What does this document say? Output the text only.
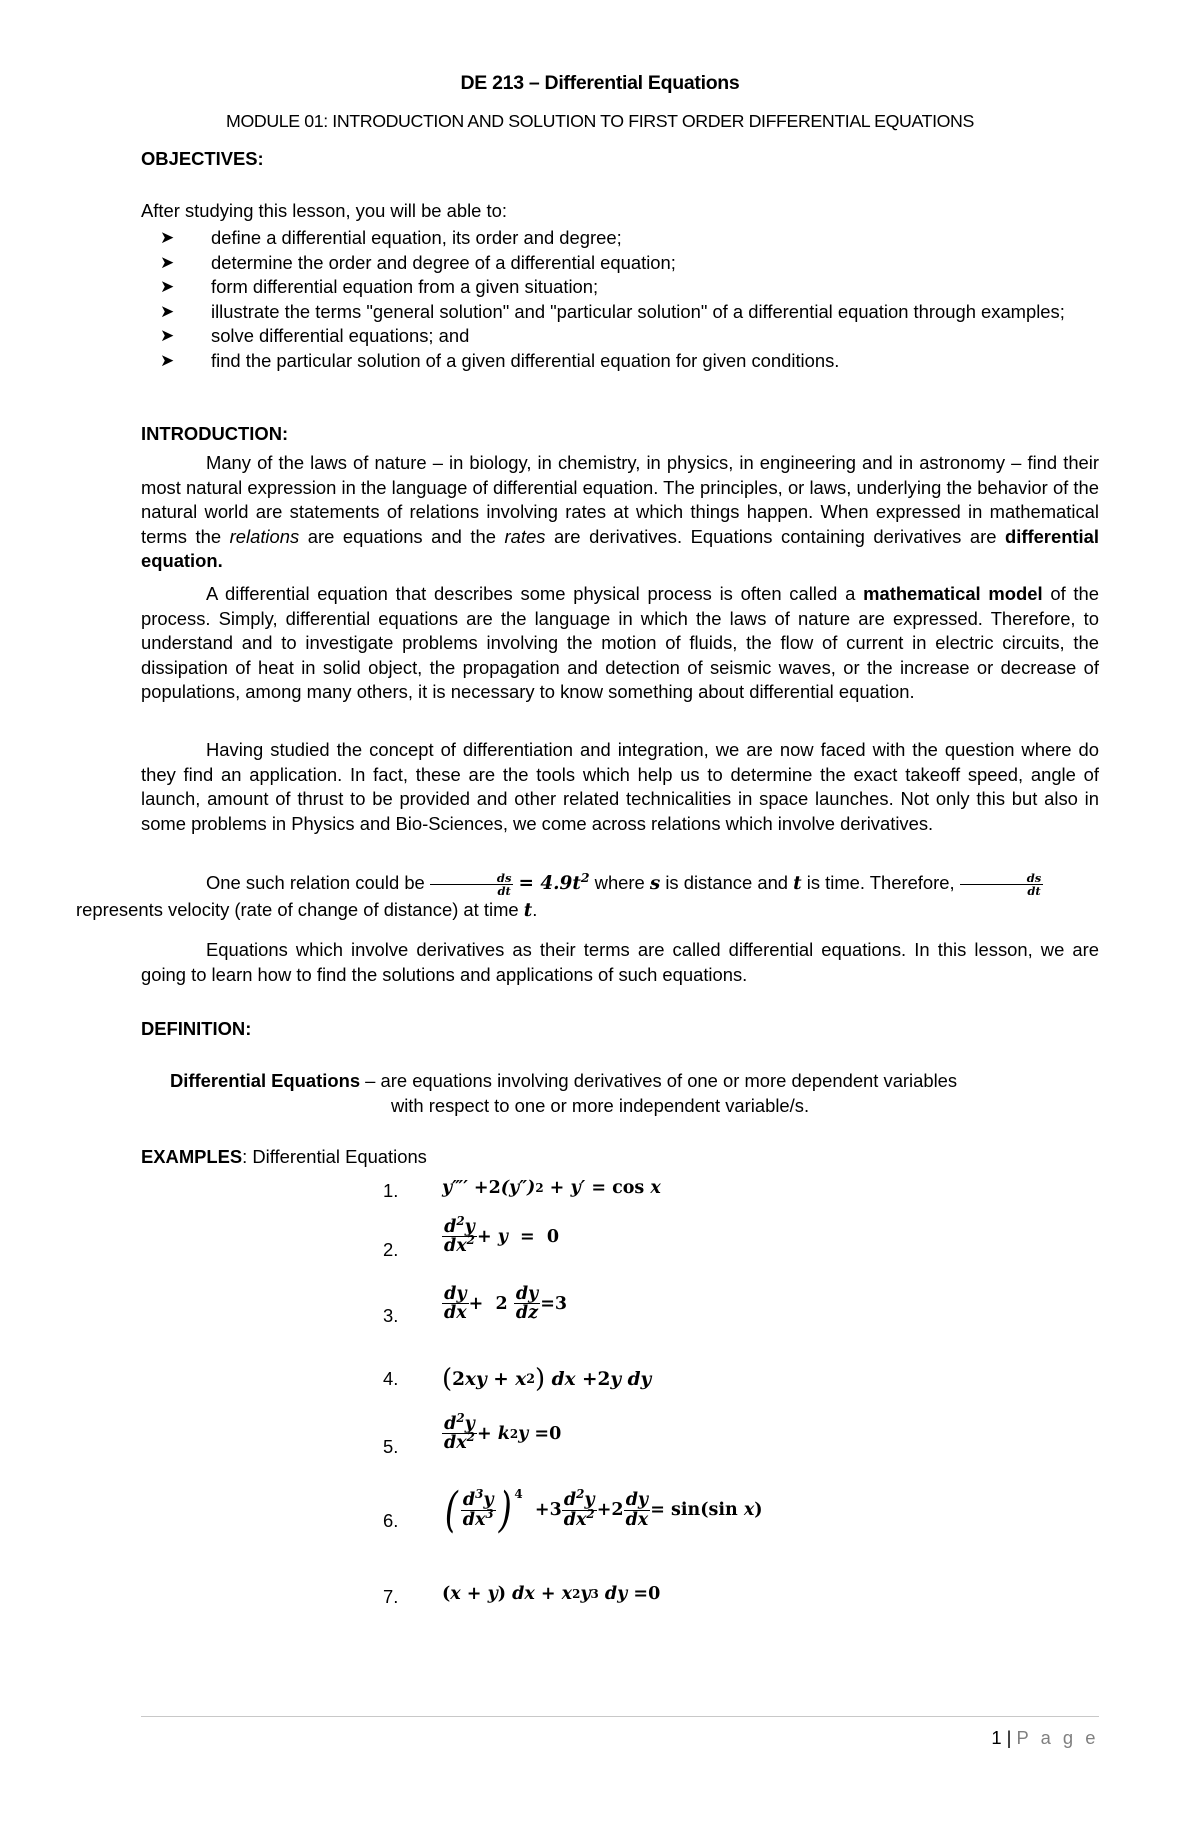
DE 213 – Differential Equations

MODULE 01: INTRODUCTION AND SOLUTION TO FIRST ORDER DIFFERENTIAL EQUATIONS

OBJECTIVES:

After studying this lesson, you will be able to:

➤ define a differential equation, its order and degree;
➤ determine the order and degree of a differential equation;
➤ form differential equation from a given situation;
➤ illustrate the terms "general solution" and "particular solution" of a differential equation through examples;
➤ solve differential equations; and
➤ find the particular solution of a given differential equation for given conditions.

INTRODUCTION:

Many of the laws of nature – in biology, in chemistry, in physics, in engineering and in astronomy – find their most natural expression in the language of differential equation. The principles, or laws, underlying the behavior of the natural world are statements of relations involving rates at which things happen. When expressed in mathematical terms the relations are equations and the rates are derivatives. Equations containing derivatives are differential equation.

A differential equation that describes some physical process is often called a mathematical model of the process. Simply, differential equations are the language in which the laws of nature are expressed. Therefore, to understand and to investigate problems involving the motion of fluids, the flow of current in electric circuits, the dissipation of heat in solid object, the propagation and detection of seismic waves, or the increase or decrease of populations, among many others, it is necessary to know something about differential equation.

Having studied the concept of differentiation and integration, we are now faced with the question where do they find an application. In fact, these are the tools which help us to determine the exact takeoff speed, angle of launch, amount of thrust to be provided and other related technicalities in space launches. Not only this but also in some problems in Physics and Bio-Sciences, we come across relations which involve derivatives.

One such relation could be $\frac{ds}{dt} = 4.9t^2$ where s is distance and t is time. Therefore, $\frac{ds}{dt}$

represents velocity (rate of change of distance) at time t.

Equations which involve derivatives as their terms are called differential equations. In this lesson, we are going to learn how to find the solutions and applications of such equations.

DEFINITION:

Differential Equations – are equations involving derivatives of one or more dependent variables

with respect to one or more independent variable/s.

EXAMPLES: Differential Equations

1. y‴′ + 2 (y″) 2 + y′ = cos x
2. $\frac{d^2y}{dx^2} + y = 0$
3. $\frac{dy}{dx} + 2$
$\frac{dy}{dz} = 3$
4. ( 2 xy + x 2 ) dx + 2 y dy
5. $\frac{d^2y}{dx^2} + k$ 2 y = 0
6. ( $\frac{d^3y}{dx^3} )^4$
+ $3 \frac{d^2y}{dx^2} + 2 \frac{dy}{dx} = \sin(\sin$ x )
7. ( x + y ) dx + x 2 y 3 dy = 0
1 | P a g e
